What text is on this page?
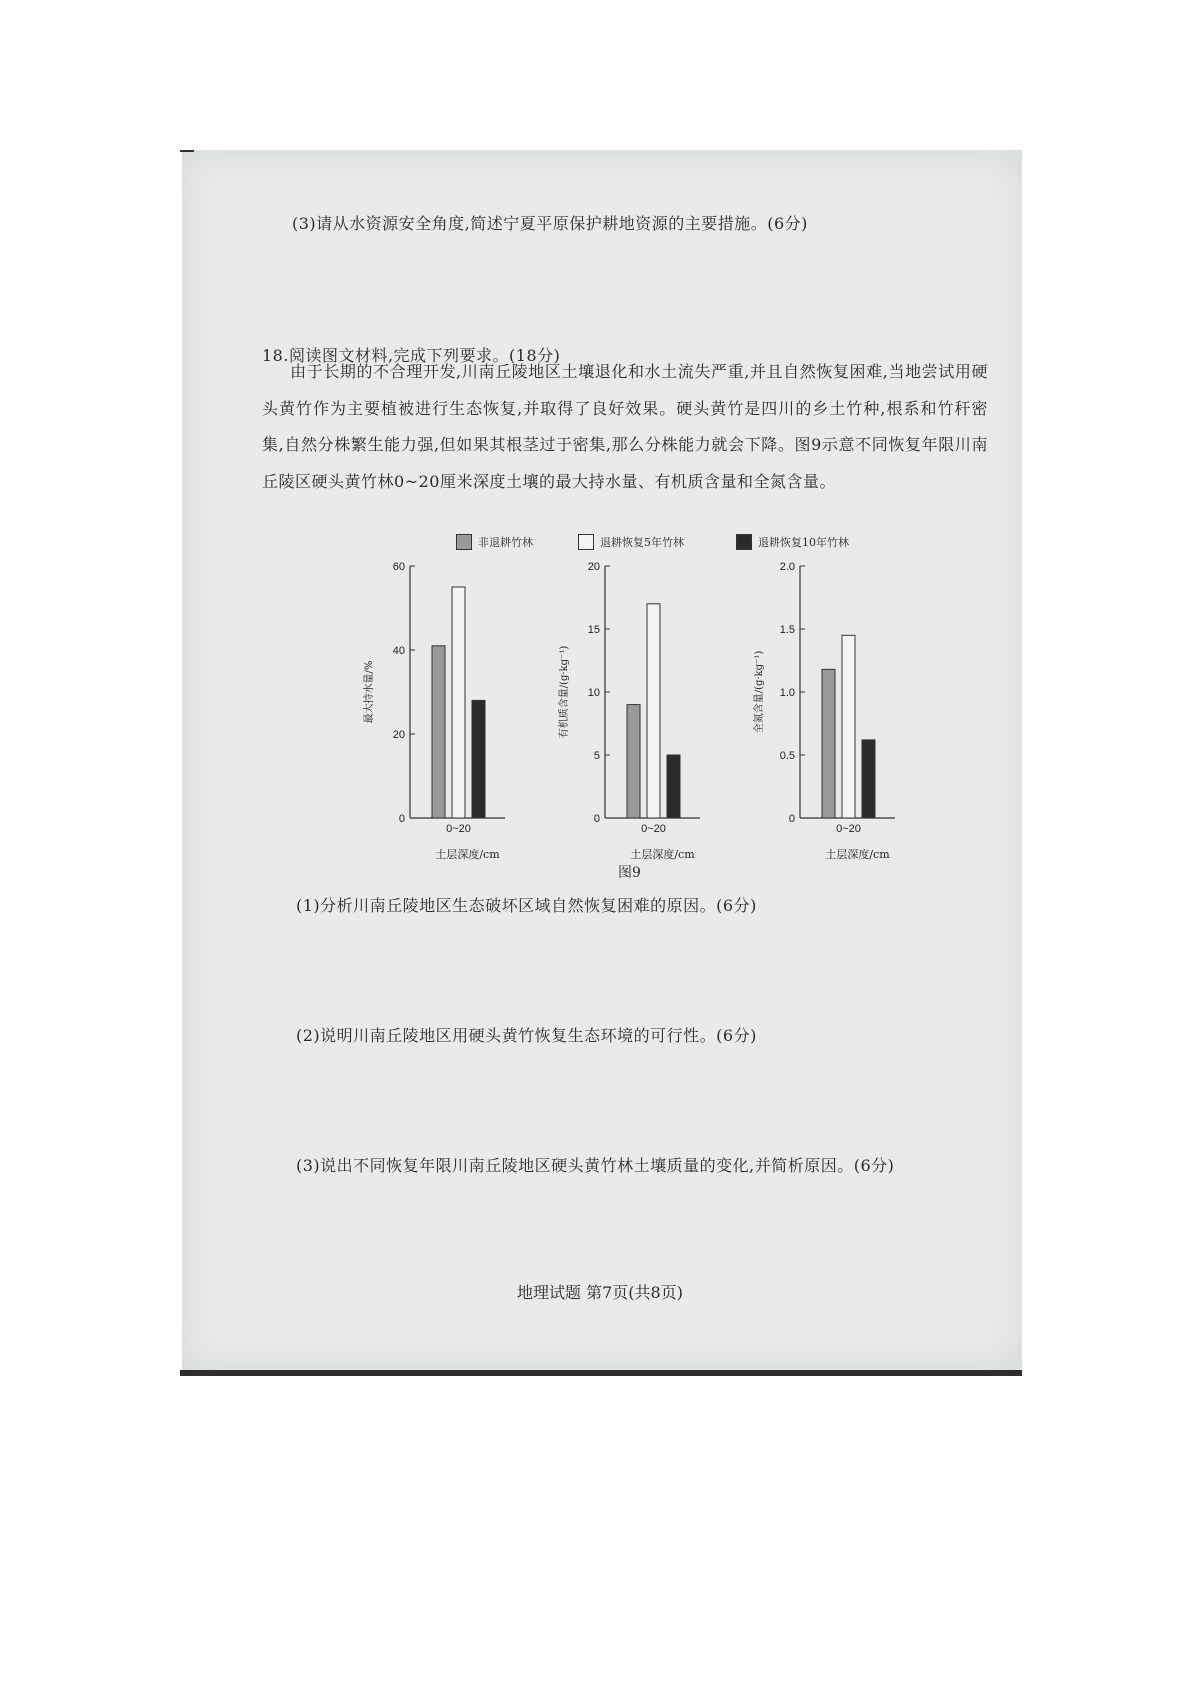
(3)请从水资源安全角度,简述宁夏平原保护耕地资源的主要措施。(6分)
18.阅读图文材料,完成下列要求。(18分)
由于长期的不合理开发,川南丘陵地区土壤退化和水土流失严重,并且自然恢复困难,当地尝试用硬头黄竹作为主要植被进行生态恢复,并取得了良好效果。硬头黄竹是四川的乡土竹种,根系和竹秆密集,自然分株繁生能力强,但如果其根茎过于密集,那么分株能力就会下降。图9示意不同恢复年限川南丘陵区硬头黄竹林0~20厘米深度土壤的最大持水量、有机质含量和全氮含量。
非退耕竹林	退耕恢复5年竹林	退耕恢复10年竹林
0
20
40
60
最大持水量/%
0~20
土层深度/cm
0
5
10
15
20
有机质含量/(g·kg⁻¹)
0~20
土层深度/cm
0
0.5
1.0
1.5
2.0
全氮含量/(g·kg⁻¹)
0~20
土层深度/cm
图9
(1)分析川南丘陵地区生态破坏区域自然恢复困难的原因。(6分)
(2)说明川南丘陵地区用硬头黄竹恢复生态环境的可行性。(6分)
(3)说出不同恢复年限川南丘陵地区硬头黄竹林土壤质量的变化,并简析原因。(6分)
地理试题 第7页(共8页)
